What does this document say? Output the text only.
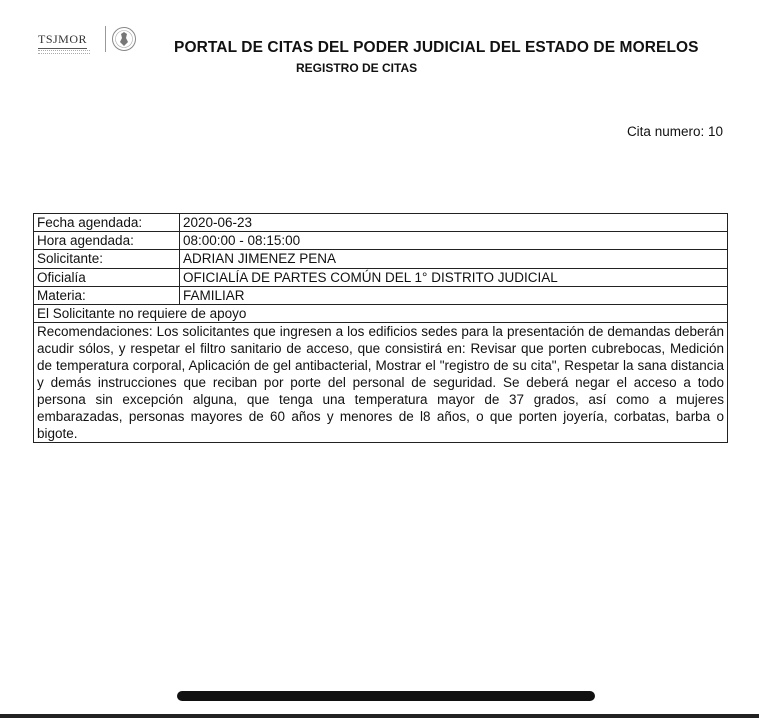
TSJMOR	PORTAL DE CITAS DEL PODER JUDICIAL DEL ESTADO DE MORELOS
REGISTRO DE CITAS
Cita numero: 10
Fecha agendada:	2020-06-23
Hora agendada:	08:00:00 - 08:15:00
Solicitante:	ADRIAN JIMENEZ PENA
Oficialía	OFICIALÍA DE PARTES COMÚN DEL 1° DISTRITO JUDICIAL
Materia:	FAMILIAR
El Solicitante no requiere de apoyo	
Recomendaciones: Los solicitantes que ingresen a los edificios sedes para la presentación de demandas deberán acudir sólos, y respetar el filtro sanitario de acceso, que consistirá en: Revisar que porten cubrebocas, Medición de temperatura corporal, Aplicación de gel antibacterial, Mostrar el "registro de su cita", Respetar la sana distancia y demás instrucciones que reciban por porte del personal de seguridad. Se deberá negar el acceso a todo persona sin excepción alguna, que tenga una temperatura mayor de 37 grados, así como a mujeres embarazadas, personas mayores de 60 años y menores de l8 años, o que porten joyería, corbatas, barba o bigote.	
